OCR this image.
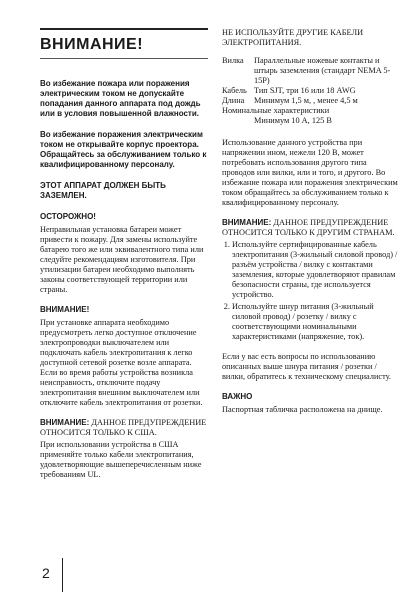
ВНИМАНИЕ!

Во избежание пожара или поражения электрическим током не допускайте попадания данного аппарата под дождь или в условия повышенной влажности.

Во избежание поражения электрическим током не открывайте корпус проектора. Обращайтесь за обслуживанием только к квалифицированному персоналу.

ЭТОТ АППАРАТ ДОЛЖЕН БЫТЬ ЗАЗЕМЛЕН.

ОСТОРОЖНО!

Неправильная установка батареи может привести к пожару. Для замены используйте батарею того же или эквивалентного типа или следуйте рекомендациям изготовителя. При утилизации батареи необходимо выполнять законы соответствующей территории или страны.

ВНИМАНИЕ!

При установке аппарата необходимо предусмотреть легко доступное отключение электропроводки выключателем или подключать кабель электропитания к легко доступной сетевой розетке возле аппарата. Если во время работы устройства возникла неисправность, отключите подачу электропитания внешним выключателем или отключите кабель электропитания от розетки.

ВНИМАНИЕ: ДАННОЕ ПРЕДУПРЕЖДЕНИЕ ОТНОСИТСЯ ТОЛЬКО К США.

При использовании устройства в США применяйте только кабели электропитания, удовлетворяющие вышеперечисленным ниже требованиям UL.

НЕ ИСПОЛЬЗУЙТЕ ДРУГИЕ КАБЕЛИ ЭЛЕКТРОПИТАНИЯ.

Вилка	Параллельные ножевые контакты и штырь заземления (стандарт NEMA 5-15P)
Кабель Тип SJT, три 16 или 18 AWG
Длина	Минимум 1,5 м, , менее 4,5 м
Номинальные характеристики
Минимум 10 А, 125 В

Использование данного устройства при напряжении ином, нежели 120 В, может потребовать использования другого типа проводов или вилки, или и того, и другого. Во избежание пожара или поражения электрическим током обращайтесь за обслуживанием только к квалифицированному персоналу.

ВНИМАНИЕ: ДАННОЕ ПРЕДУПРЕЖДЕНИЕ ОТНОСИТСЯ ТОЛЬКО К ДРУГИМ СТРАНАМ.
1. Используйте сертифицированные кабель электропитания (3-жильный силовой провод) / разъём устройства / вилку с контактами заземления, которые удовлетворяют правилам безопасности страны, где используется устройство.
2. Используйте шнур питания (3-жильный силовой провод) / розетку / вилку с соответствующими номинальными характеристиками (напряжение, ток).

Если у вас есть вопросы по использованию описанных выше шнура питания / розетки / вилки, обратитесь к техническому специалисту.

ВАЖНО

Паспортная табличка расположена на днище.

2
